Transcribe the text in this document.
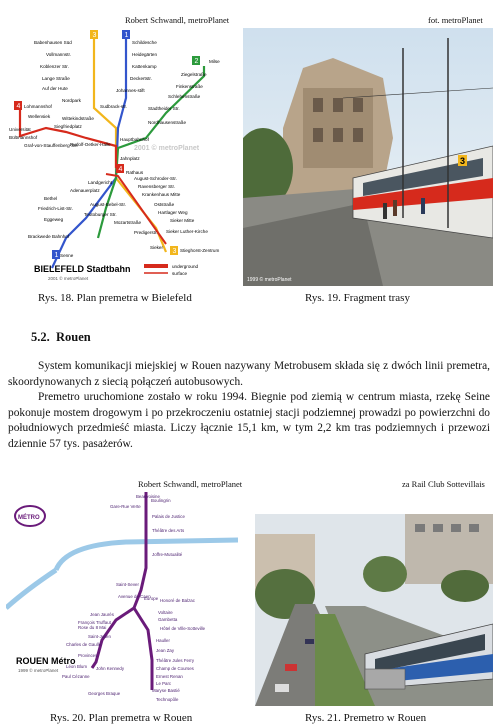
Robert Schwandl, metroPlanet
2001 © metroPlanet
3	1
2
4
4
3
1
Babenhausen Süd
Vollmannstr.
Koblenzer Str.
Lange Straße
Auf der Hute
Nordpark
Lohmannshof
Wellensiek
Universität
Bültmannshof
Graf-von-Stauffenberg-Str.
Siegfriedplatz
Wittekindstraße
Rudolf-Oetker-Halle
Schildesche
Heidegärten
Kattenkamp
Deckertstr.
Johannes-stift
Sudbrack-str.
Milse
Ziegelstraße
Finkenstraße
Schlehenstraße
Stadtheider Str.
Nordhausenstraße
Hauptbahnhof
Jahnplatz
Rathaus
August-Schroder-Str.
Landgericht
Adenauerplatz
Ravensberger Str.
Krankenhaus Mitte
Bethel
Friedrich-List-Str.
August-Bebel-Str.
Teutoburger Str.
Oststraße
Hartlager Weg
Eggeweg
Mozartstraße	Sieker Mitte
Predigerstr. Sieker Luther-Kirche
Brackwede Bahnhof
Sieker
Stieghorst-Zentrum
Senne
BIELEFELD Stadtbahn
2001 © metroPlanet
underground
surface
Rys. 18. Plan premetra w Bielefeld
fot. metroPlanet
3
1999 © metroPlanet
Rys. 19. Fragment trasy
5.2. Rouen
System komunikacji miejskiej w Rouen nazywany Metrobusem składa się z dwóch linii premetra, skoordynowanych z siecią połączeń autobusowych.
Premetro uruchomione zostało w roku 1994. Biegnie pod ziemią w centrum miasta, rzekę Seine pokonuje mostem drogowym i po przekroczeniu ostatniej stacji podziemnej prowadzi po powierzchni do południowych przedmieść miasta. Liczy łącznie 15,1 km, w tym 2,2 km tras podziemnych i przewozi dziennie 57 tys. pasażerów.
Robert Schwandl, metroPlanet
MÉTRO
Beauvoisine
Boulingrin
Gare-Rue Verte
Palais de Justice
Théâtre des Arts
Joffre-Mutualité
Saint-Sever
Europe
Avenue de Caen
Honoré de Balzac
Jean Jaurès
François Truffaut
Rose du 8 Mai
Saint-Julien
Charles de Gaulle
Provinces
Léon Blum
Paul Cézanne
Georges Braque
John Kennedy
Voltaire
Gambetta
Hôtel de Ville-Sotteville
Hauller
Jean Zay
Théâtre Jules Ferry
Champ de Courses
Ernest Renan
Le Parc
Maryse Bastié
Technopôle
ROUEN Métro
1999 © metroPlanet
Rys. 20. Plan premetra w Rouen
za Rail Club Sottevillais
Rys. 21. Premetro w Rouen
